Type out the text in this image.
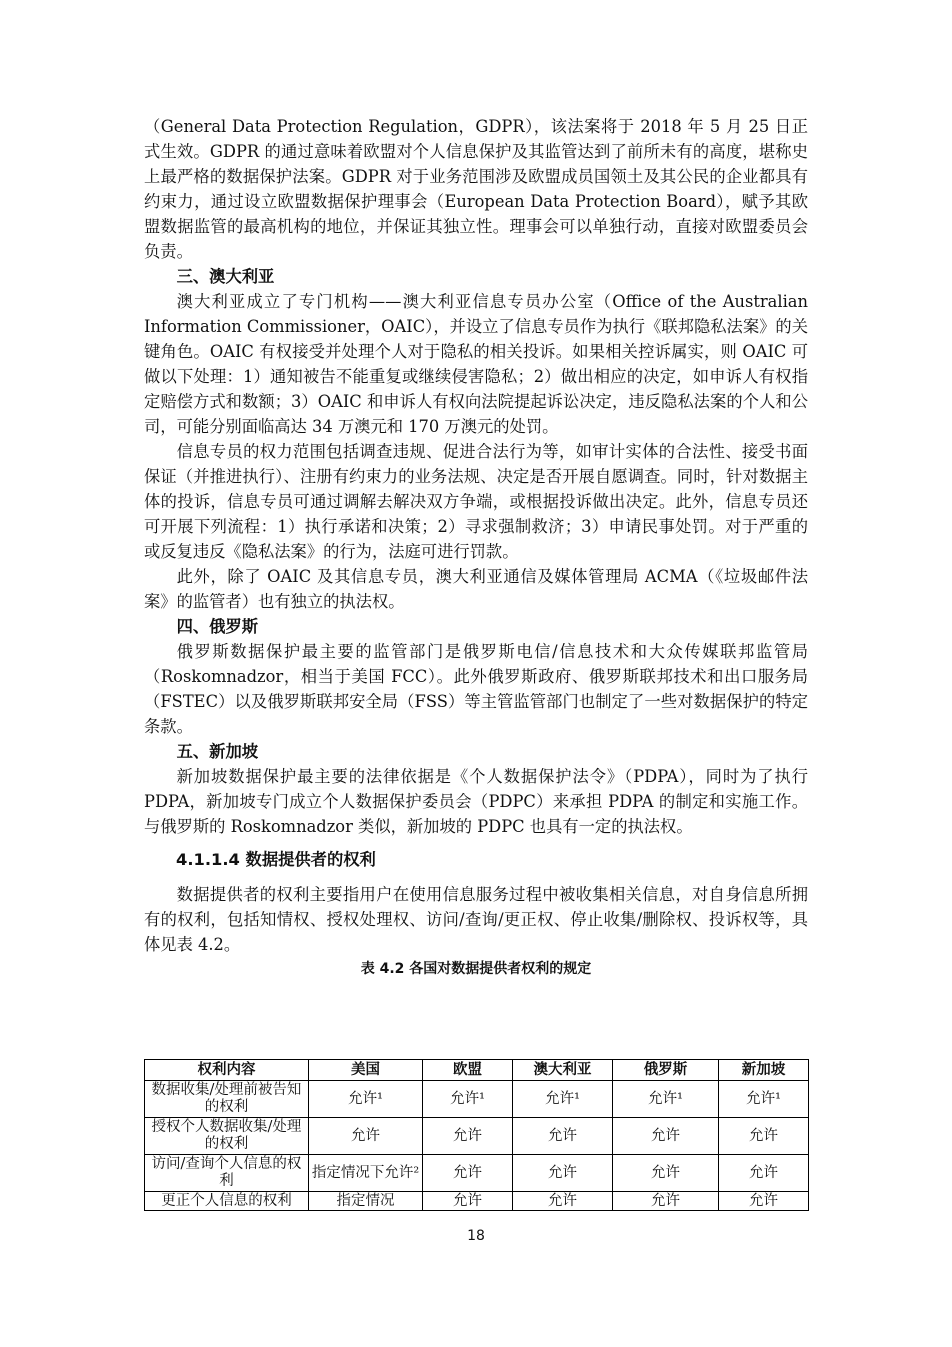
（General Data Protection Regulation，GDPR），该法案将于 2018 年 5 月 25 日正式生效。GDPR 的通过意味着欧盟对个人信息保护及其监管达到了前所未有的高度，堪称史上最严格的数据保护法案。GDPR 对于业务范围涉及欧盟成员国领土及其公民的企业都具有约束力，通过设立欧盟数据保护理事会（European Data Protection Board），赋予其欧盟数据监管的最高机构的地位，并保证其独立性。理事会可以单独行动，直接对欧盟委员会负责。

三、澳大利亚

澳大利亚成立了专门机构——澳大利亚信息专员办公室（Office of the Australian Information Commissioner，OAIC），并设立了信息专员作为执行《联邦隐私法案》的关键角色。OAIC 有权接受并处理个人对于隐私的相关投诉。如果相关控诉属实，则 OAIC 可做以下处理：1）通知被告不能重复或继续侵害隐私；2）做出相应的决定，如申诉人有权指定赔偿方式和数额；3）OAIC 和申诉人有权向法院提起诉讼决定，违反隐私法案的个人和公司，可能分别面临高达 34 万澳元和 170 万澳元的处罚。

信息专员的权力范围包括调查违规、促进合法行为等，如审计实体的合法性、接受书面保证（并推进执行）、注册有约束力的业务法规、决定是否开展自愿调查。同时，针对数据主体的投诉，信息专员可通过调解去解决双方争端，或根据投诉做出决定。此外，信息专员还可开展下列流程：1）执行承诺和决策；2）寻求强制救济；3）申请民事处罚。对于严重的或反复违反《隐私法案》的行为，法庭可进行罚款。

此外，除了 OAIC 及其信息专员，澳大利亚通信及媒体管理局 ACMA（《垃圾邮件法案》的监管者）也有独立的执法权。

四、俄罗斯

俄罗斯数据保护最主要的监管部门是俄罗斯电信/信息技术和大众传媒联邦监管局（Roskomnadzor，相当于美国 FCC）。此外俄罗斯政府、俄罗斯联邦技术和出口服务局（FSTEC）以及俄罗斯联邦安全局（FSS）等主管监管部门也制定了一些对数据保护的特定条款。

五、新加坡

新加坡数据保护最主要的法律依据是《个人数据保护法令》（PDPA），同时为了执行 PDPA，新加坡专门成立个人数据保护委员会（PDPC）来承担 PDPA 的制定和实施工作。与俄罗斯的 Roskomnadzor 类似，新加坡的 PDPC 也具有一定的执法权。

4.1.1.4 数据提供者的权利

数据提供者的权利主要指用户在使用信息服务过程中被收集相关信息，对自身信息所拥有的权利，包括知情权、授权处理权、访问/查询/更正权、停止收集/删除权、投诉权等，具体见表 4.2。

表 4.2 各国对数据提供者权利的规定
权利内容	美国	欧盟	澳大利亚	俄罗斯	新加坡
数据收集/处理前被告知的权利	允许¹	允许¹	允许¹	允许¹	允许¹
授权个人数据收集/处理的权利	允许	允许	允许	允许	允许
访问/查询个人信息的权利	指定情况下允许²	允许	允许	允许	允许
更正个人信息的权利	指定情况	允许	允许	允许	允许
18
